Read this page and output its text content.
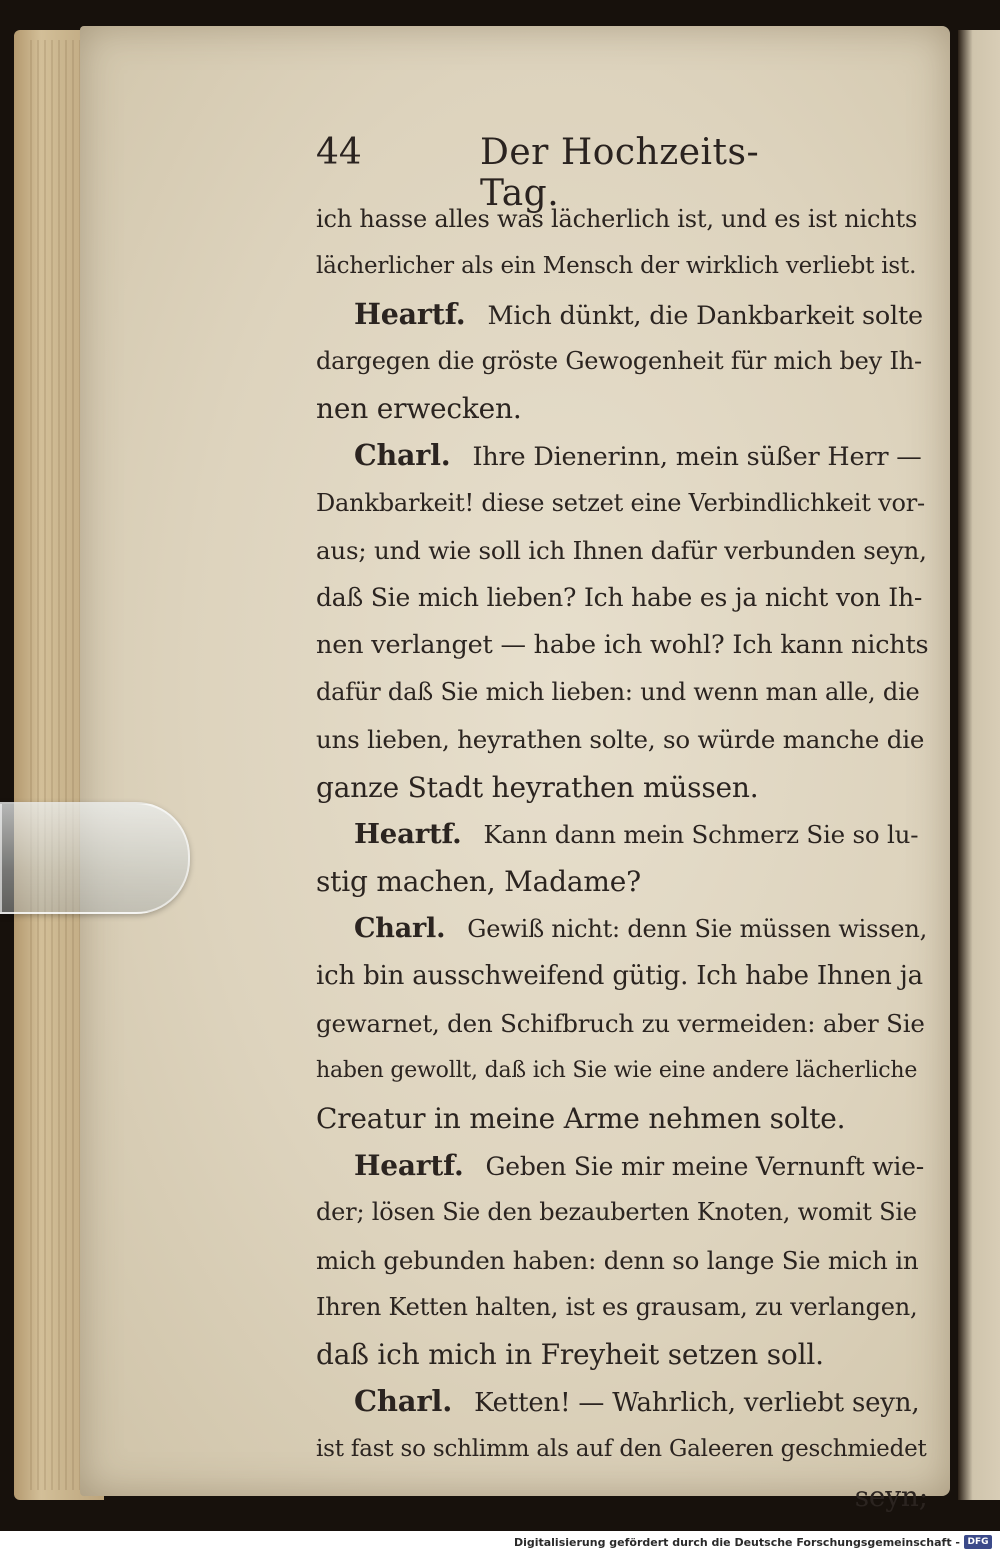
44	Der Hochzeits-Tag.
ich hasse alles was lächerlich ist, und es ist nichts
lächerlicher als ein Mensch der wirklich verliebt ist.
Heartf. Mich dünkt, die Dankbarkeit solte
dargegen die gröste Gewogenheit für mich bey Ih-
nen erwecken.
Charl. Ihre Dienerinn, mein süßer Herr —
Dankbarkeit! diese setzet eine Verbindlichkeit vor-
aus; und wie soll ich Ihnen dafür verbunden seyn,
daß Sie mich lieben? Ich habe es ja nicht von Ih-
nen verlanget — habe ich wohl? Ich kann nichts
dafür daß Sie mich lieben: und wenn man alle, die
uns lieben, heyrathen solte, so würde manche die
ganze Stadt heyrathen müssen.
Heartf. Kann dann mein Schmerz Sie so lu-
stig machen, Madame?
Charl. Gewiß nicht: denn Sie müssen wissen,
ich bin ausschweifend gütig. Ich habe Ihnen ja
gewarnet, den Schifbruch zu vermeiden: aber Sie
haben gewollt, daß ich Sie wie eine andere lächerliche
Creatur in meine Arme nehmen solte.
Heartf. Geben Sie mir meine Vernunft wie-
der; lösen Sie den bezauberten Knoten, womit Sie
mich gebunden haben: denn so lange Sie mich in
Ihren Ketten halten, ist es grausam, zu verlangen,
daß ich mich in Freyheit setzen soll.
Charl. Ketten! — Wahrlich, verliebt seyn,
ist fast so schlimm als auf den Galeeren geschmiedet
seyn;
Digitalisierung gefördert durch die Deutsche Forschungsgemeinschaft - DFG
